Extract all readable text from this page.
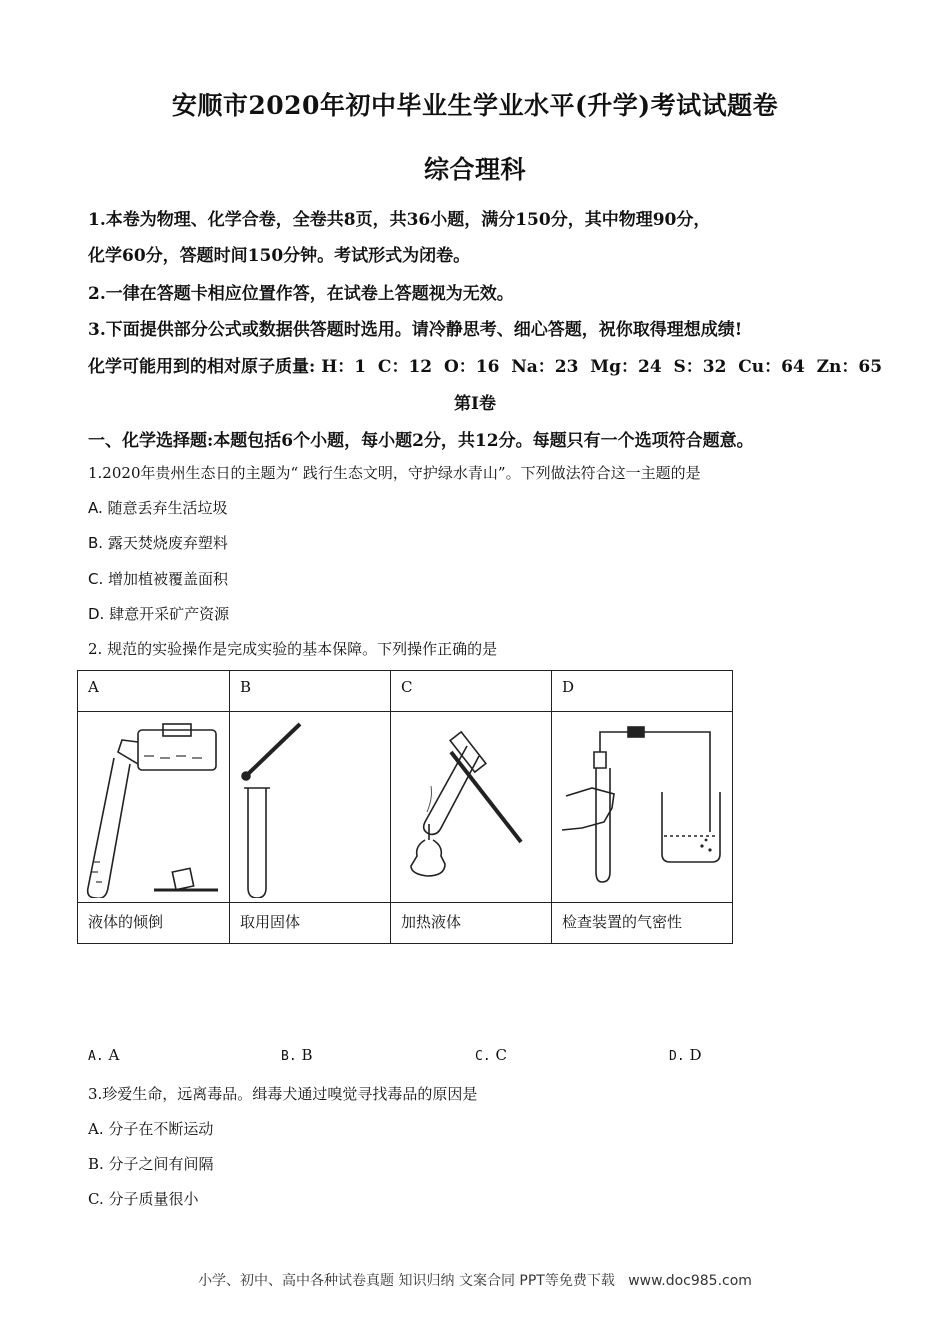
安顺市2020年初中毕业生学业水平(升学)考试试题卷
综合理科
1.本卷为物理、化学合卷，全卷共8页，共36小题，满分150分，其中物理90分，
化学60分，答题时间150分钟。考试形式为闭卷。
2.一律在答题卡相应位置作答，在试卷上答题视为无效。
3.下面提供部分公式或数据供答题时选用。请冷静思考、细心答题，祝你取得理想成绩!
化学可能用到的相对原子质量: H：1  C：12  O：16  Na：23  Mg：24  S：32  Cu：64  Zn：65
第Ⅰ卷
一、化学选择题:本题包括6个小题，每小题2分，共12分。每题只有一个选项符合题意。
1.2020年贵州生态日的主题为“ 践行生态文明，守护绿水青山”。下列做法符合这一主题的是
A. 随意丢弃生活垃圾
B. 露天焚烧废弃塑料
C. 增加植被覆盖面积
D. 肆意开采矿产资源
2. 规范的实验操作是完成实验的基本保障。下列操作正确的是
A	B	C	D

液体的倾倒	取用固体	加热液体	检查装置的气密性
A. A	B. B	C. C	D. D
3.珍爱生命，远离毒品。缉毒犬通过嗅觉寻找毒品的原因是
A. 分子在不断运动
B. 分子之间有间隔
C. 分子质量很小
小学、初中、高中各种试卷真题 知识归纳 文案合同 PPT等免费下载   www.doc985.com
